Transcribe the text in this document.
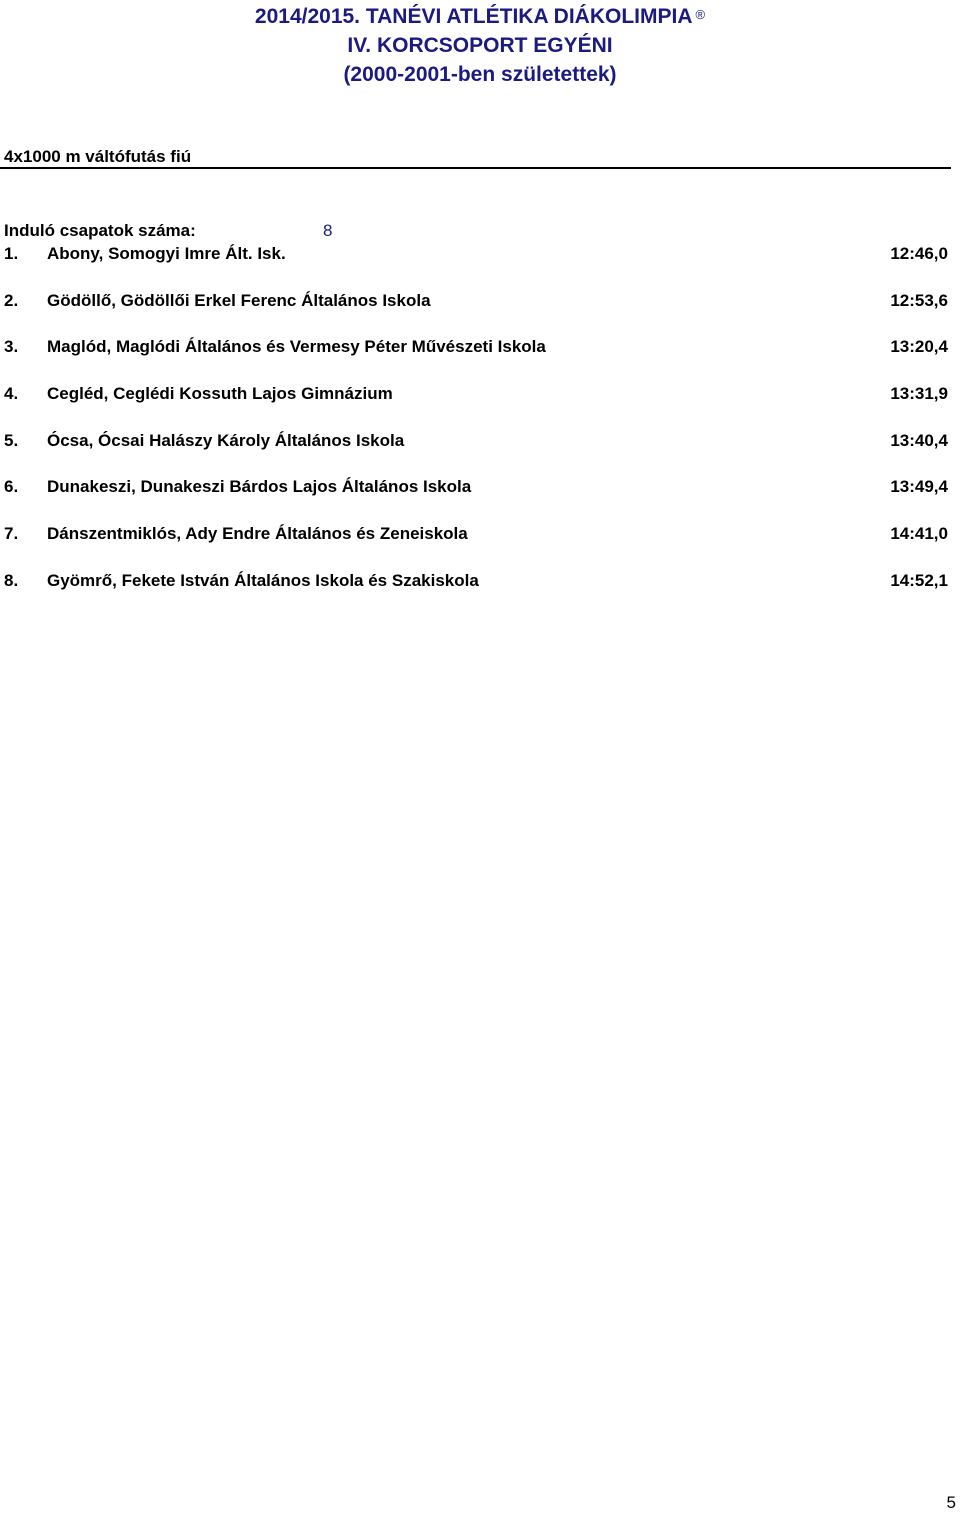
2014/2015. TANÉVI ATLÉTIKA DIÁKOLIMPIA ®
IV. KORCSOPORT EGYÉNI
(2000-2001-ben születettek)
4x1000 m váltófutás fiú
Induló csapatok száma:	8
1. Abony, Somogyi Imre Ált. Isk.	12:46,0
2. Gödöllő, Gödöllői Erkel Ferenc Általános Iskola	12:53,6
3. Maglód, Maglódi Általános és Vermesy Péter Művészeti Iskola	13:20,4
4. Cegléd, Ceglédi Kossuth Lajos Gimnázium	13:31,9
5. Ócsa, Ócsai Halászy Károly Általános Iskola	13:40,4
6. Dunakeszi, Dunakeszi Bárdos Lajos Általános Iskola	13:49,4
7. Dánszentmiklós, Ady Endre Általános és Zeneiskola	14:41,0
8. Gyömrő, Fekete István Általános Iskola és Szakiskola	14:52,1
5
